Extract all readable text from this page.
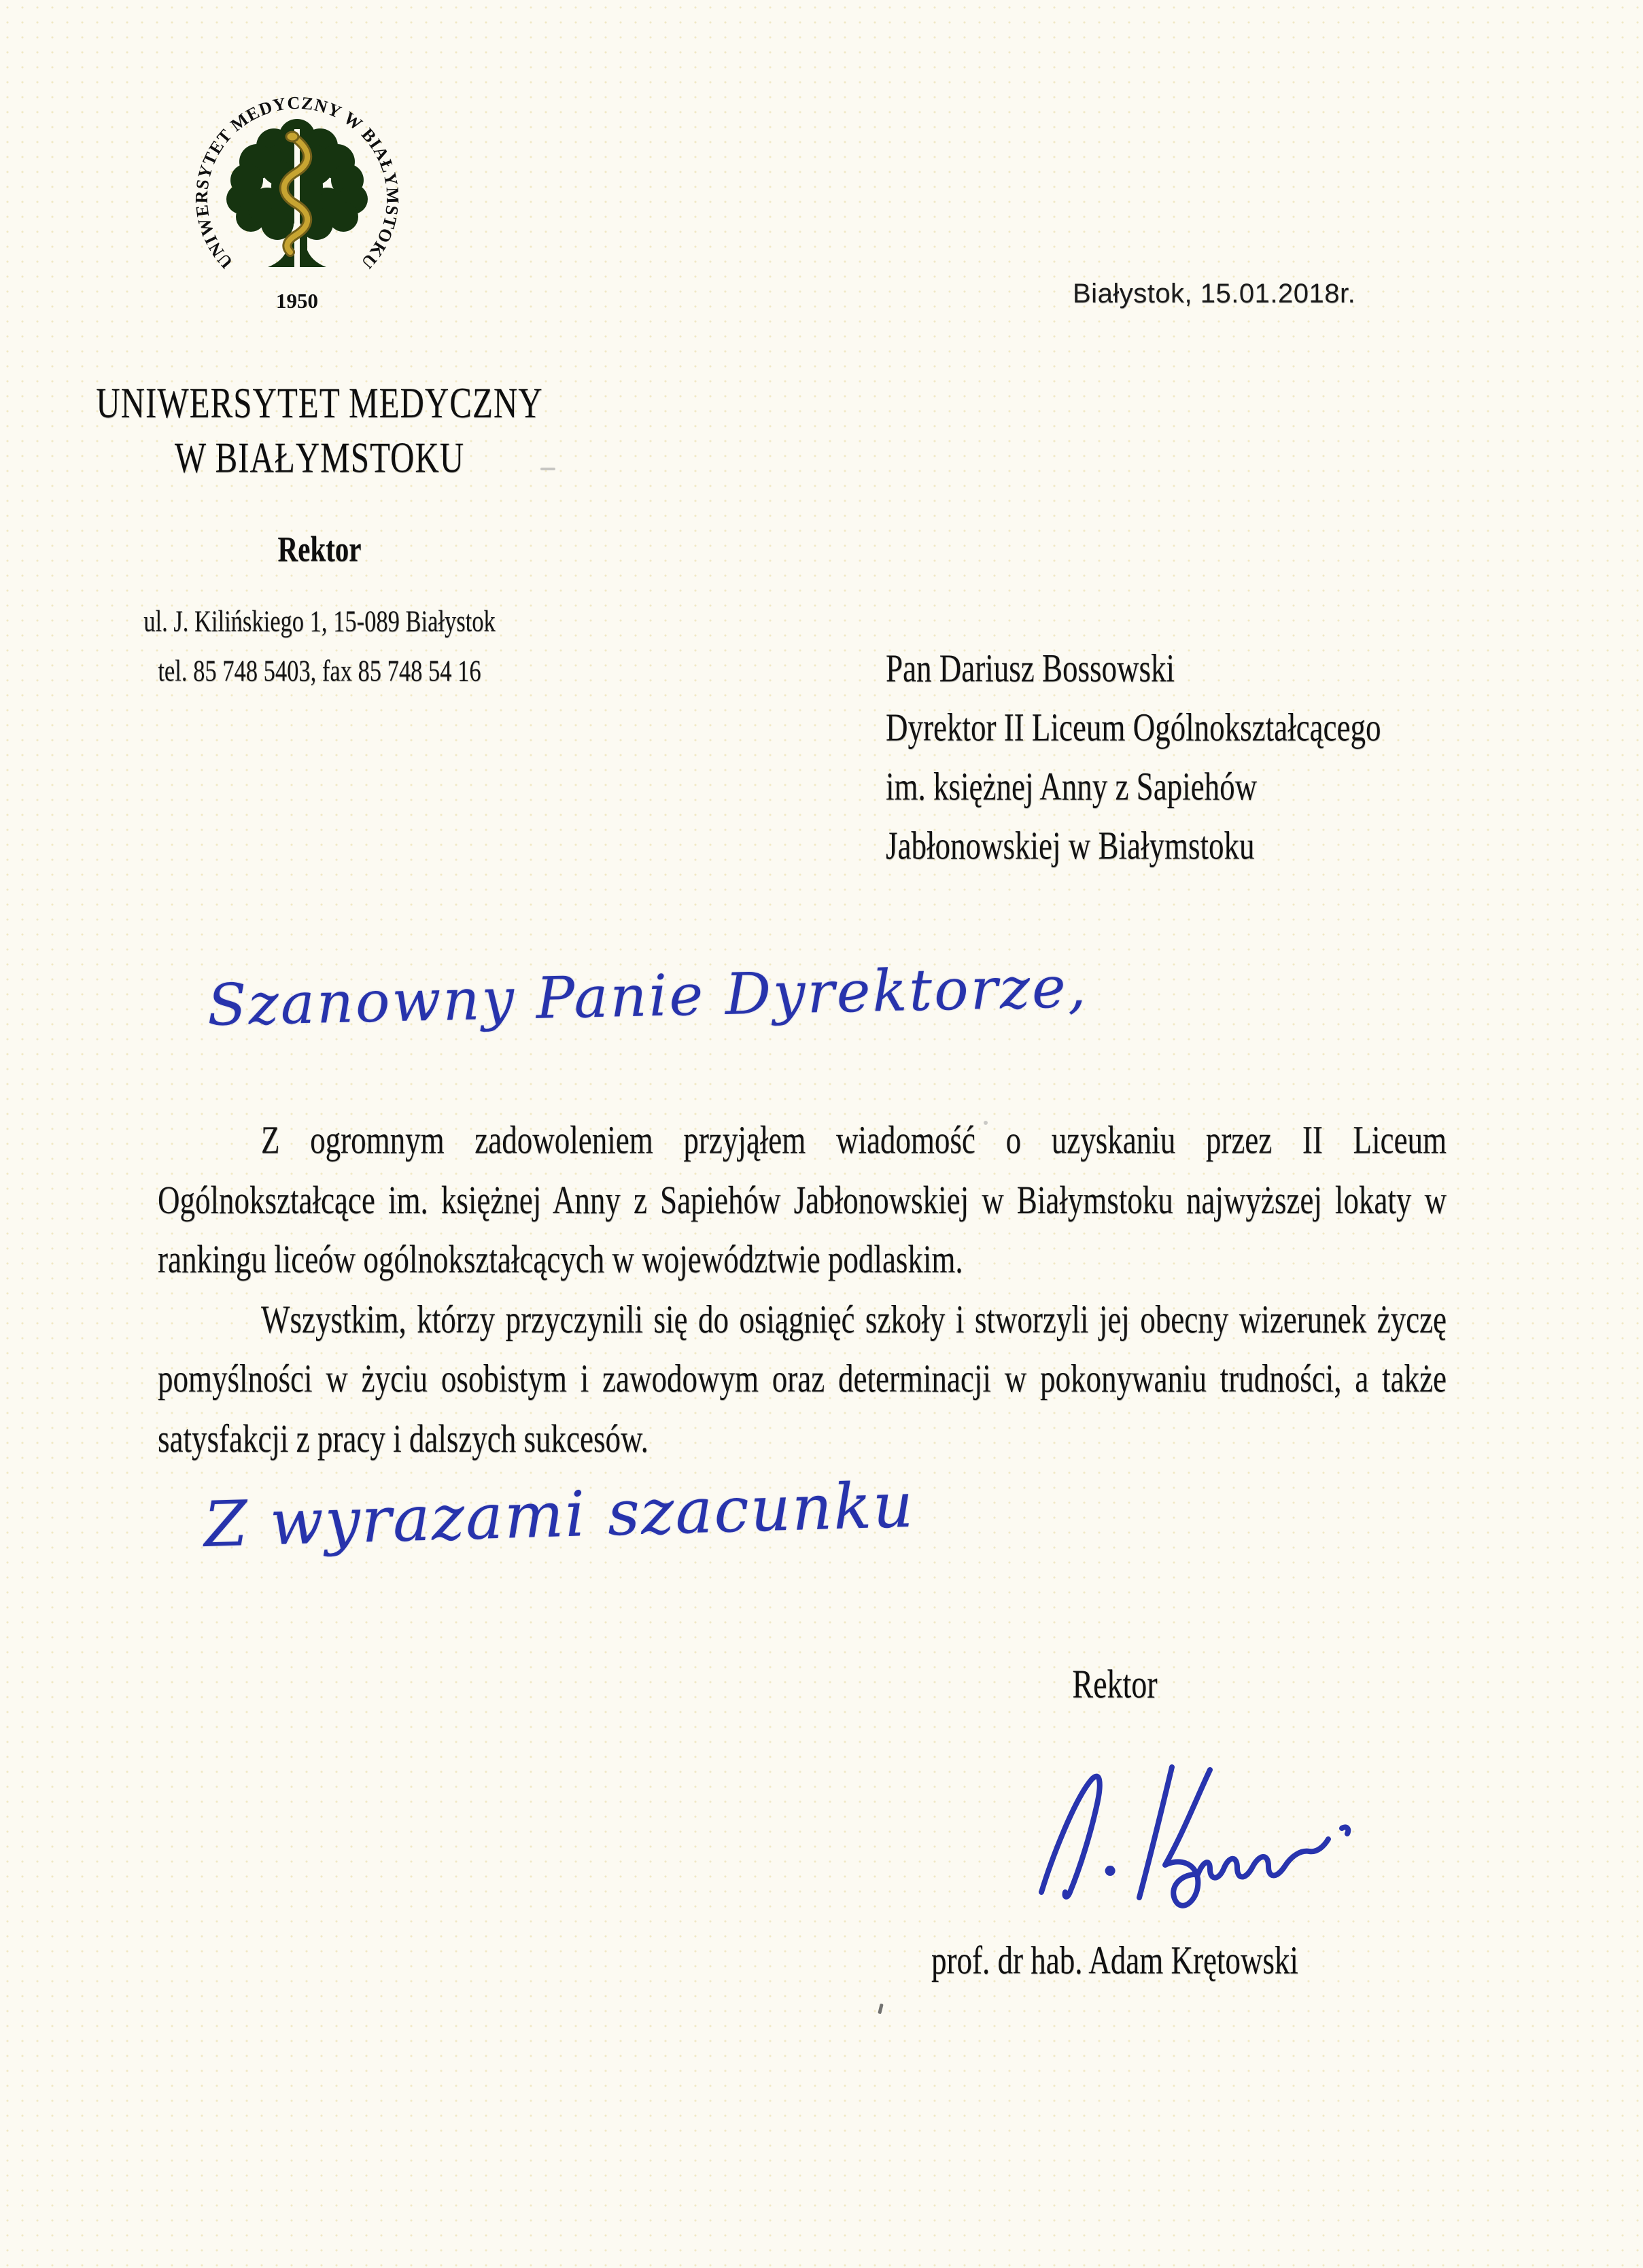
UNIWERSYTET MEDYCZNY W BIAŁYMSTOKU
1950	Białystok, 15.01.2018r.
UNIWERSYTET MEDYCZNY
W BIAŁYMSTOKU
Rektor
ul. J. Kilińskiego 1, 15-089 Białystok
tel. 85 748 5403, fax 85 748 54 16	Pan Dariusz Bossowski
Dyrektor II Liceum Ogólnokształcącego
im. księżnej Anny z Sapiehów
Jabłonowskiej w Białymstoku
Szanowny Panie Dyrektorze,

Z ogromnym zadowoleniem przyjąłem wiadomość o uzyskaniu przez II Liceum Ogólnokształcące im. księżnej Anny z Sapiehów Jabłonowskiej w Białymstoku najwyższej lokaty w rankingu liceów ogólnokształcących w województwie podlaskim.

Wszystkim, którzy przyczynili się do osiągnięć szkoły i stworzyli jej obecny wizerunek życzę pomyślności w życiu osobistym i zawodowym oraz determinacji w pokonywaniu trudności, a także satysfakcji z pracy i dalszych sukcesów.

Z wyrazami szacunku
Rektor
prof. dr hab. Adam Krętowski
